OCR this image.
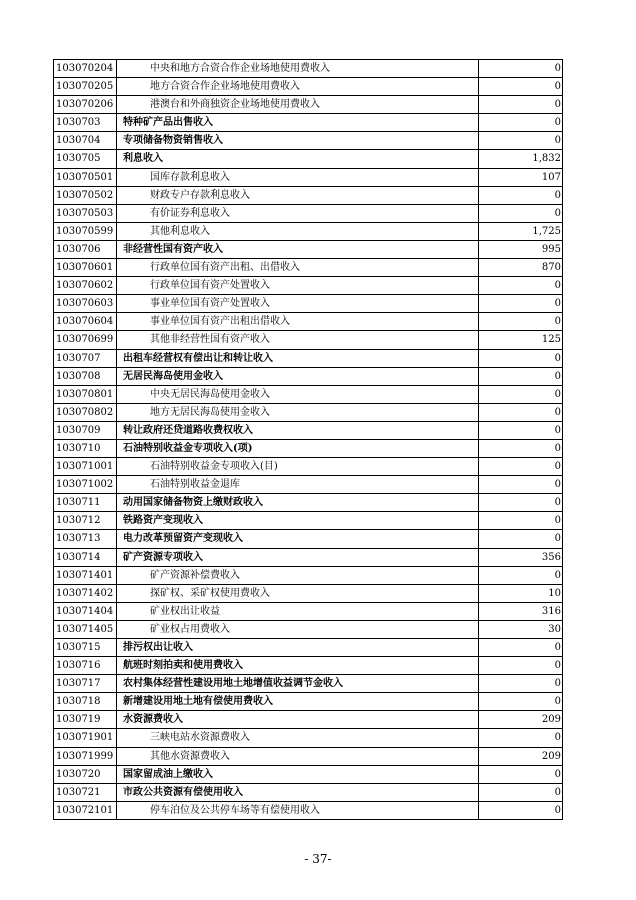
103070204	中央和地方合资合作企业场地使用费收入	0
103070205	地方合资合作企业场地使用费收入	0
103070206	港澳台和外商独资企业场地使用费收入	0
1030703	特种矿产品出售收入	0
1030704	专项储备物资销售收入	0
1030705	利息收入	1,832
103070501	国库存款利息收入	107
103070502	财政专户存款利息收入	0
103070503	有价证券利息收入	0
103070599	其他利息收入	1,725
1030706	非经营性国有资产收入	995
103070601	行政单位国有资产出租、出借收入	870
103070602	行政单位国有资产处置收入	0
103070603	事业单位国有资产处置收入	0
103070604	事业单位国有资产出租出借收入	0
103070699	其他非经营性国有资产收入	125
1030707	出租车经营权有偿出让和转让收入	0
1030708	无居民海岛使用金收入	0
103070801	中央无居民海岛使用金收入	0
103070802	地方无居民海岛使用金收入	0
1030709	转让政府还贷道路收费权收入	0
1030710	石油特别收益金专项收入(项)	0
103071001	石油特别收益金专项收入(目)	0
103071002	石油特别收益金退库	0
1030711	动用国家储备物资上缴财政收入	0
1030712	铁路资产变现收入	0
1030713	电力改革预留资产变现收入	0
1030714	矿产资源专项收入	356
103071401	矿产资源补偿费收入	0
103071402	探矿权、采矿权使用费收入	10
103071404	矿业权出让收益	316
103071405	矿业权占用费收入	30
1030715	排污权出让收入	0
1030716	航班时刻拍卖和使用费收入	0
1030717	农村集体经营性建设用地土地增值收益调节金收入	0
1030718	新增建设用地土地有偿使用费收入	0
1030719	水资源费收入	209
103071901	三峡电站水资源费收入	0
103071999	其他水资源费收入	209
1030720	国家留成油上缴收入	0
1030721	市政公共资源有偿使用收入	0
103072101	停车泊位及公共停车场等有偿使用收入	0
- 37-
